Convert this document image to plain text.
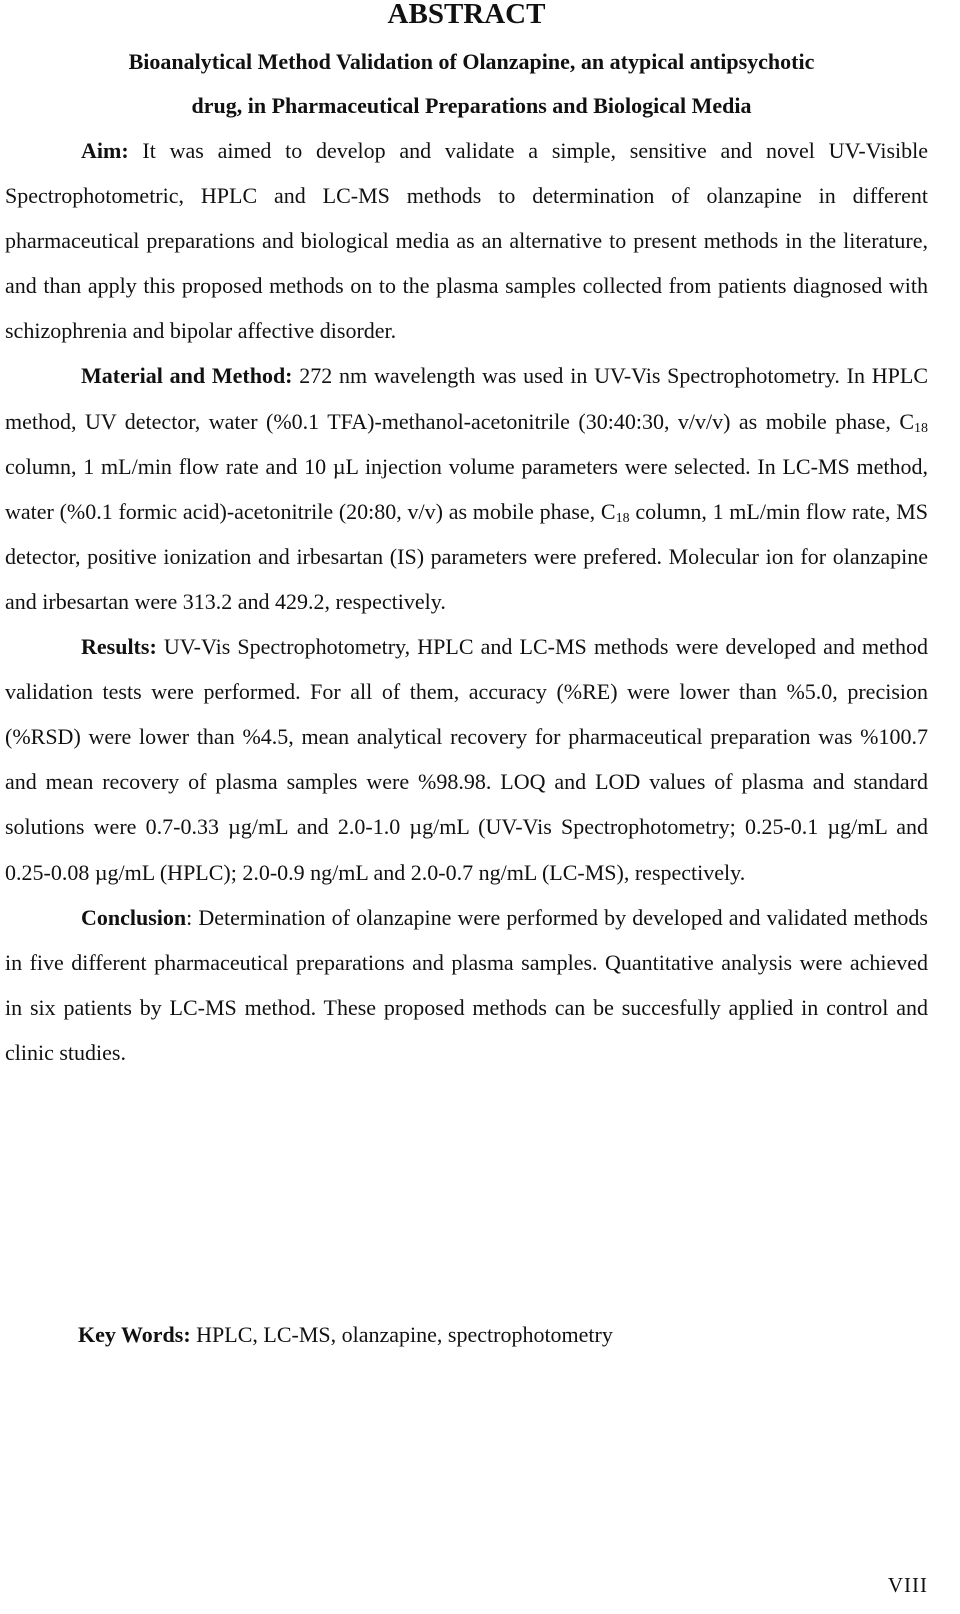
ABSTRACT
Bioanalytical Method Validation of Olanzapine, an atypical antipsychotic
drug, in Pharmaceutical Preparations and Biological Media

Aim: It was aimed to develop and validate a simple, sensitive and novel UV-Visible Spectrophotometric, HPLC and LC-MS methods to determination of olanzapine in different pharmaceutical preparations and biological media as an alternative to present methods in the literature, and than apply this proposed methods on to the plasma samples collected from patients diagnosed with schizophrenia and bipolar affective disorder.

Material and Method: 272 nm wavelength was used in UV-Vis Spectrophotometry. In HPLC method, UV detector, water (%0.1 TFA)-methanol-acetonitrile (30:40:30, v/v/v) as mobile phase, $C_{18}$ column, 1 mL/min flow rate and 10 µL injection volume parameters were selected. In LC-MS method, water (%0.1 formic acid)-acetonitrile (20:80, v/v) as mobile phase, $C_{18}$ column, 1 mL/min flow rate, MS detector, positive ionization and irbesartan (IS) parameters were prefered. Molecular ion for olanzapine and irbesartan were 313.2 and 429.2, respectively.

Results: UV-Vis Spectrophotometry, HPLC and LC-MS methods were developed and method validation tests were performed. For all of them, accuracy (%RE) were lower than %5.0, precision (%RSD) were lower than %4.5, mean analytical recovery for pharmaceutical preparation was %100.7 and mean recovery of plasma samples were %98.98. LOQ and LOD values of plasma and standard solutions were 0.7-0.33 µg/mL and 2.0-1.0 µg/mL (UV-Vis Spectrophotometry; 0.25-0.1 µg/mL and 0.25-0.08 µg/mL (HPLC); 2.0-0.9 ng/mL and 2.0-0.7 ng/mL (LC-MS), respectively.

Conclusion: Determination of olanzapine were performed by developed and validated methods in five different pharmaceutical preparations and plasma samples. Quantitative analysis were achieved in six patients by LC-MS method. These proposed methods can be succesfully applied in control and clinic studies.

Key Words: HPLC, LC-MS, olanzapine, spectrophotometry
VIII
